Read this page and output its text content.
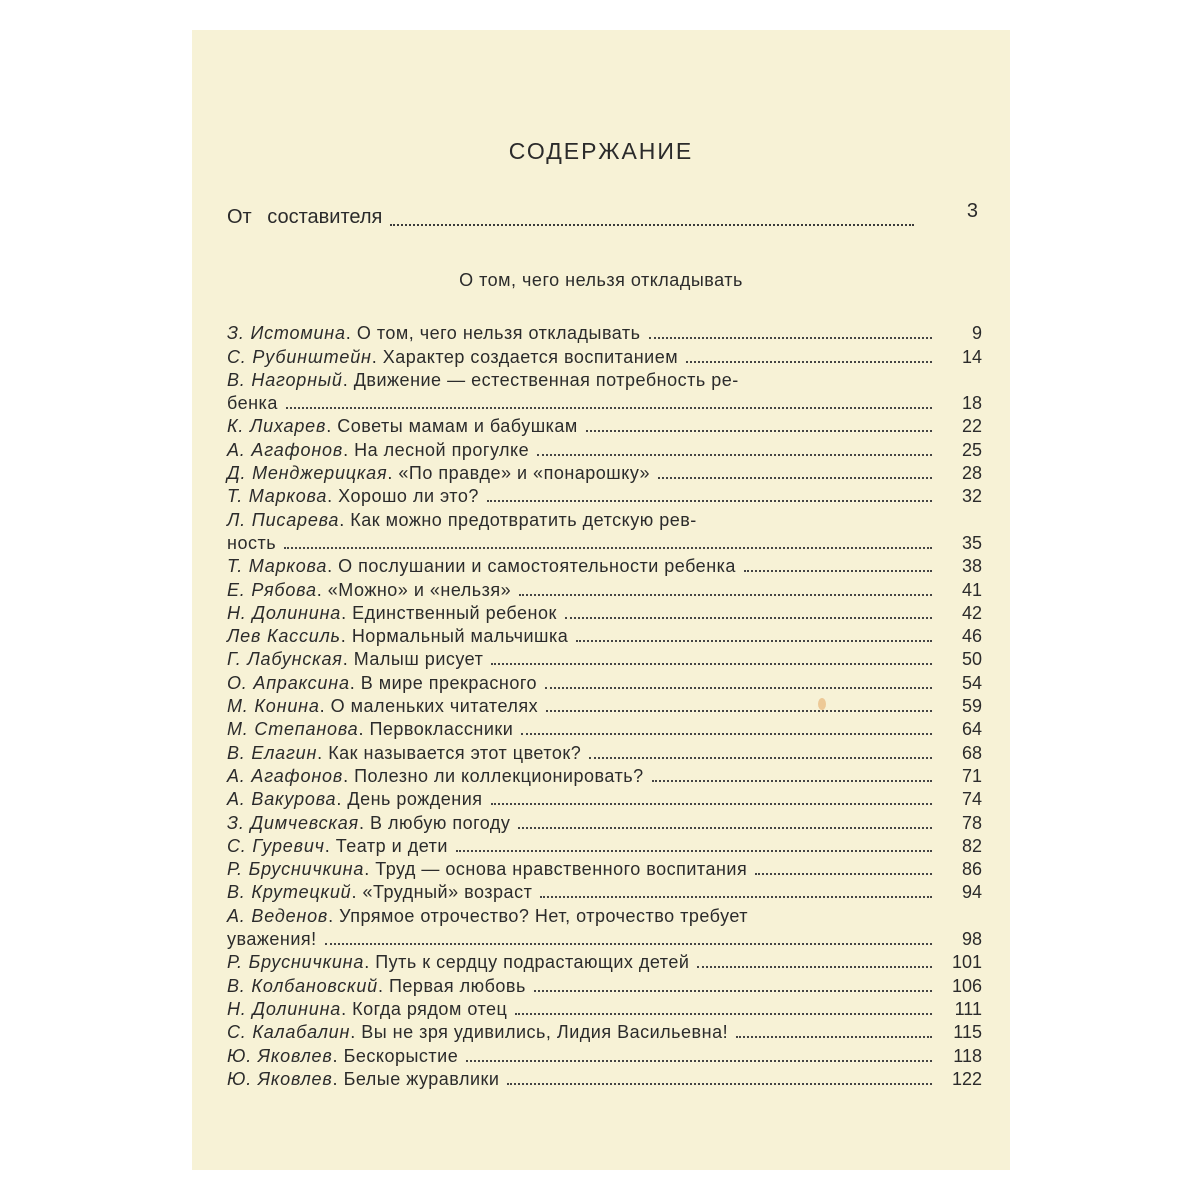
СОДЕРЖАНИЕ
От составителя	3
О том, чего нельзя откладывать
З. Истомина. О том, чего нельзя откладывать	9
С. Рубинштейн. Характер создается воспитанием	14
В. Нагорный. Движение — естественная потребность ре-
бенка	18
К. Лихарев. Советы мамам и бабушкам	22
А. Агафонов. На лесной прогулке	25
Д. Менджерицкая. «По правде» и «понарошку»	28
Т. Маркова. Хорошо ли это?	32
Л. Писарева. Как можно предотвратить детскую рев-
ность	35
Т. Маркова. О послушании и самостоятельности ребенка	38
Е. Рябова. «Можно» и «нельзя»	41
Н. Долинина. Единственный ребенок	42
Лев Кассиль. Нормальный мальчишка	46
Г. Лабунская. Малыш рисует	50
О. Апраксина. В мире прекрасного	54
М. Конина. О маленьких читателях	59
М. Степанова. Первоклассники	64
В. Елагин. Как называется этот цветок?	68
А. Агафонов. Полезно ли коллекционировать?	71
А. Вакурова. День рождения	74
З. Димчевская. В любую погоду	78
С. Гуревич. Театр и дети	82
Р. Брусничкина. Труд — основа нравственного воспитания	86
В. Крутецкий. «Трудный» возраст	94
А. Веденов. Упрямое отрочество? Нет, отрочество требует
уважения!	98
Р. Брусничкина. Путь к сердцу подрастающих детей	101
В. Колбановский. Первая любовь	106
Н. Долинина. Когда рядом отец	111
С. Калабалин. Вы не зря удивились, Лидия Васильевна!	115
Ю. Яковлев. Бескорыстие	118
Ю. Яковлев. Белые журавлики	122
